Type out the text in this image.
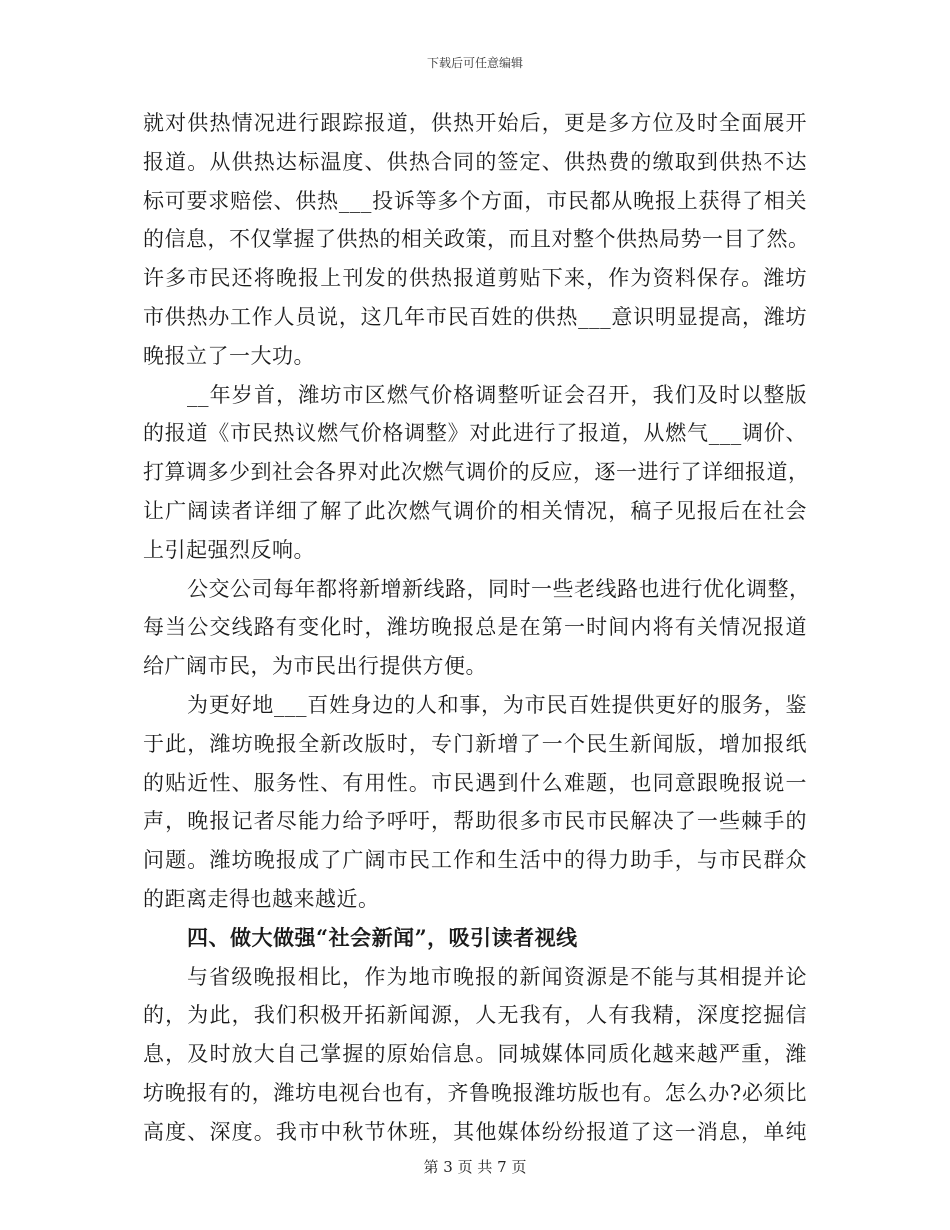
下载后可任意编辑
就对供热情况进行跟踪报道，供热开始后，更是多方位及时全面展开
报道。从供热达标温度、供热合同的签定、供热费的缴取到供热不达
标可要求赔偿、供热___投诉等多个方面，市民都从晚报上获得了相关
的信息，不仅掌握了供热的相关政策，而且对整个供热局势一目了然。
许多市民还将晚报上刊发的供热报道剪贴下来，作为资料保存。潍坊
市供热办工作人员说，这几年市民百姓的供热___意识明显提高，潍坊
晚报立了一大功。
__年岁首，潍坊市区燃气价格调整听证会召开，我们及时以整版
的报道《市民热议燃气价格调整》对此进行了报道，从燃气___调价、
打算调多少到社会各界对此次燃气调价的反应，逐一进行了详细报道，
让广阔读者详细了解了此次燃气调价的相关情况，稿子见报后在社会
上引起强烈反响。
公交公司每年都将新增新线路，同时一些老线路也进行优化调整，
每当公交线路有变化时，潍坊晚报总是在第一时间内将有关情况报道
给广阔市民，为市民出行提供方便。
为更好地___百姓身边的人和事，为市民百姓提供更好的服务，鉴
于此，潍坊晚报全新改版时，专门新增了一个民生新闻版，增加报纸
的贴近性、服务性、有用性。市民遇到什么难题，也同意跟晚报说一
声，晚报记者尽能力给予呼吁，帮助很多市民市民解决了一些棘手的
问题。潍坊晚报成了广阔市民工作和生活中的得力助手，与市民群众
的距离走得也越来越近。
四、做大做强“社会新闻”，吸引读者视线
与省级晚报相比，作为地市晚报的新闻资源是不能与其相提并论
的，为此，我们积极开拓新闻源，人无我有，人有我精，深度挖掘信
息，及时放大自己掌握的原始信息。同城媒体同质化越来越严重，潍
坊晚报有的，潍坊电视台也有，齐鲁晚报潍坊版也有。怎么办?必须比
高度、深度。我市中秋节休班，其他媒体纷纷报道了这一消息，单纯
第 3 页 共 7 页
